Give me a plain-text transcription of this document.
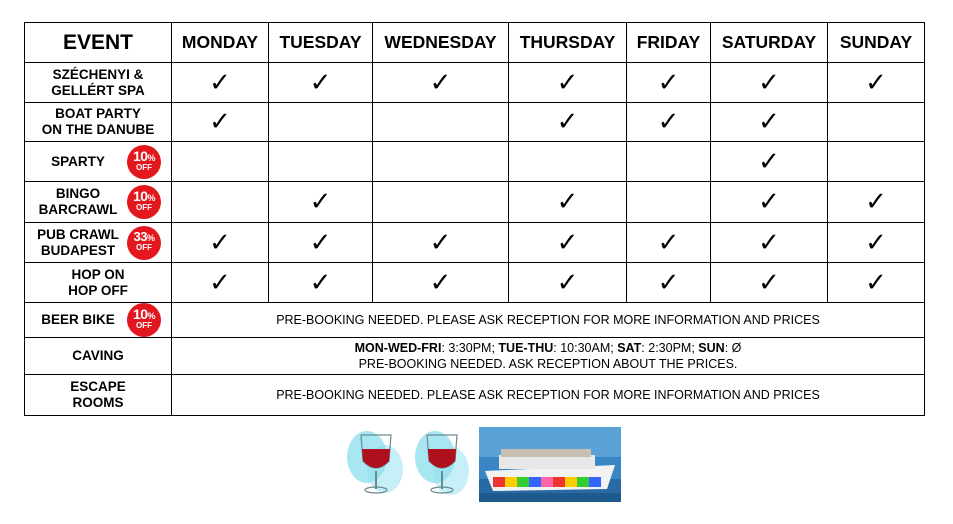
EVENT	MONDAY	TUESDAY	WEDNESDAY	THURSDAY	FRIDAY	SATURDAY	SUNDAY
SZÉCHENYI &
GELLÉRT SPA	✓	✓	✓	✓	✓	✓	✓
BOAT PARTY
ON THE DANUBE	✓			✓	✓	✓	

SPARTY 10%
OFF						✓	

BINGO
BARCRAWL
10%
OFF		✓		✓		✓	✓

PUB CRAWL
BUDAPEST
33%
OFF	✓	✓	✓	✓	✓	✓	✓
HOP ON
HOP OFF	✓	✓	✓	✓	✓	✓	✓

BEER BIKE 10%
OFF	PRE-BOOKING NEEDED. PLEASE ASK RECEPTION FOR MORE INFORMATION AND PRICES						
CAVING	MON-WED-FRI: 3:30PM; TUE-THU: 10:30AM; SAT: 2:30PM; SUN: Ø
PRE-BOOKING NEEDED. ASK RECEPTION ABOUT THE PRICES.						
ESCAPE
ROOMS	PRE-BOOKING NEEDED. PLEASE ASK RECEPTION FOR MORE INFORMATION AND PRICES						
